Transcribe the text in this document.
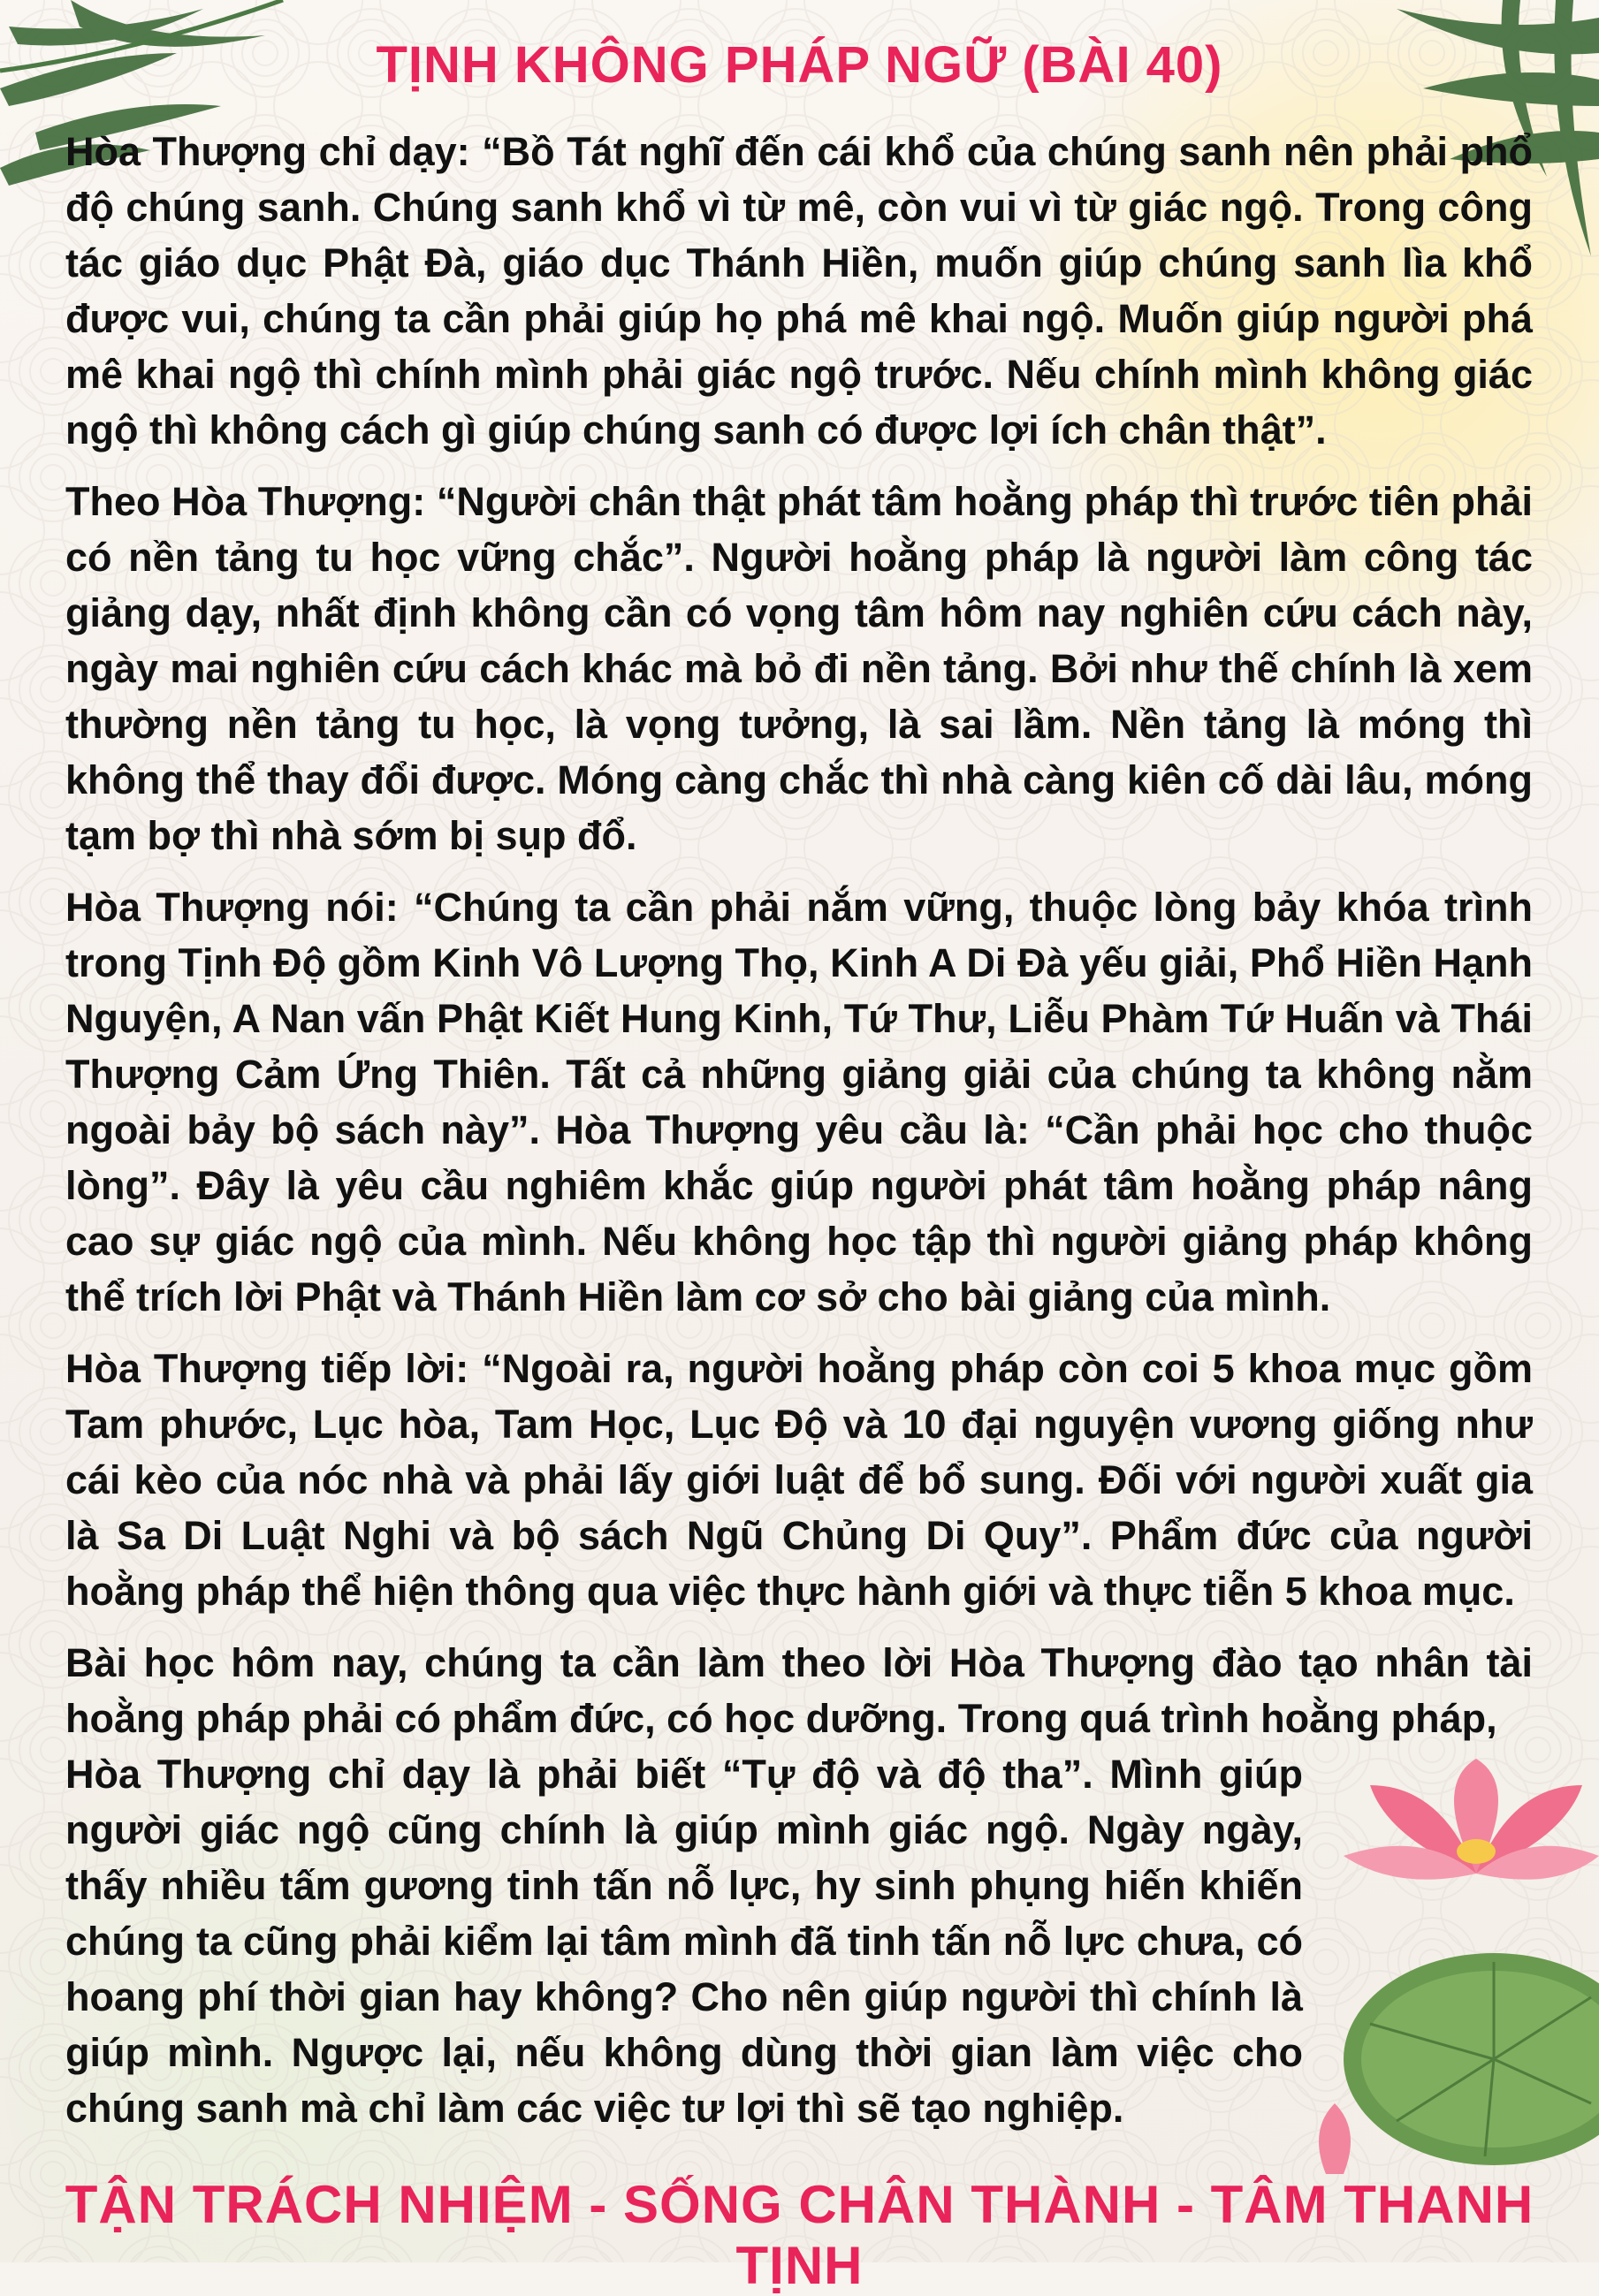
TỊNH KHÔNG PHÁP NGỮ (BÀI 40)

Hòa Thượng chỉ dạy: “Bồ Tát nghĩ đến cái khổ của chúng sanh nên phải phổ độ chúng sanh. Chúng sanh khổ vì từ mê, còn vui vì từ giác ngộ. Trong công tác giáo dục Phật Đà, giáo dục Thánh Hiền, muốn giúp chúng sanh lìa khổ được vui, chúng ta cần phải giúp họ phá mê khai ngộ. Muốn giúp người phá mê khai ngộ thì chính mình phải giác ngộ trước. Nếu chính mình không giác ngộ thì không cách gì giúp chúng sanh có được lợi ích chân thật”.

Theo Hòa Thượng: “Người chân thật phát tâm hoằng pháp thì trước tiên phải có nền tảng tu học vững chắc”. Người hoằng pháp là người làm công tác giảng dạy, nhất định không cần có vọng tâm hôm nay nghiên cứu cách này, ngày mai nghiên cứu cách khác mà bỏ đi nền tảng. Bởi như thế chính là xem thường nền tảng tu học, là vọng tưởng, là sai lầm. Nền tảng là móng thì không thể thay đổi được. Móng càng chắc thì nhà càng kiên cố dài lâu, móng tạm bợ thì nhà sớm bị sụp đổ.

Hòa Thượng nói: “Chúng ta cần phải nắm vững, thuộc lòng bảy khóa trình trong Tịnh Độ gồm Kinh Vô Lượng Thọ, Kinh A Di Đà yếu giải, Phổ Hiền Hạnh Nguyện, A Nan vấn Phật Kiết Hung Kinh, Tứ Thư, Liễu Phàm Tứ Huấn và Thái Thượng Cảm Ứng Thiên. Tất cả những giảng giải của chúng ta không nằm ngoài bảy bộ sách này”. Hòa Thượng yêu cầu là: “Cần phải học cho thuộc lòng”. Đây là yêu cầu nghiêm khắc giúp người phát tâm hoằng pháp nâng cao sự giác ngộ của mình. Nếu không học tập thì người giảng pháp không thể trích lời Phật và Thánh Hiền làm cơ sở cho bài giảng của mình.

Hòa Thượng tiếp lời: “Ngoài ra, người hoằng pháp còn coi 5 khoa mục gồm Tam phước, Lục hòa, Tam Học, Lục Độ và 10 đại nguyện vương giống như cái kèo của nóc nhà và phải lấy giới luật để bổ sung. Đối với người xuất gia là Sa Di Luật Nghi và bộ sách Ngũ Chủng Di Quy”. Phẩm đức của người hoằng pháp thể hiện thông qua việc thực hành giới và thực tiễn 5 khoa mục.

Bài học hôm nay, chúng ta cần làm theo lời Hòa Thượng đào tạo nhân tài hoằng pháp phải có phẩm đức, có học dưỡng. Trong quá trình hoằng pháp,

Hòa Thượng chỉ dạy là phải biết “Tự độ và độ tha”. Mình giúp người giác ngộ cũng chính là giúp mình giác ngộ. Ngày ngày, thấy nhiều tấm gương tinh tấn nỗ lực, hy sinh phụng hiến khiến chúng ta cũng phải kiểm lại tâm mình đã tinh tấn nỗ lực chưa, có hoang phí thời gian hay không? Cho nên giúp người thì chính là giúp mình. Ngược lại, nếu không dùng thời gian làm việc cho chúng sanh mà chỉ làm các việc tư lợi thì sẽ tạo nghiệp.

TẬN TRÁCH NHIỆM - SỐNG CHÂN THÀNH - TÂM THANH TỊNH
